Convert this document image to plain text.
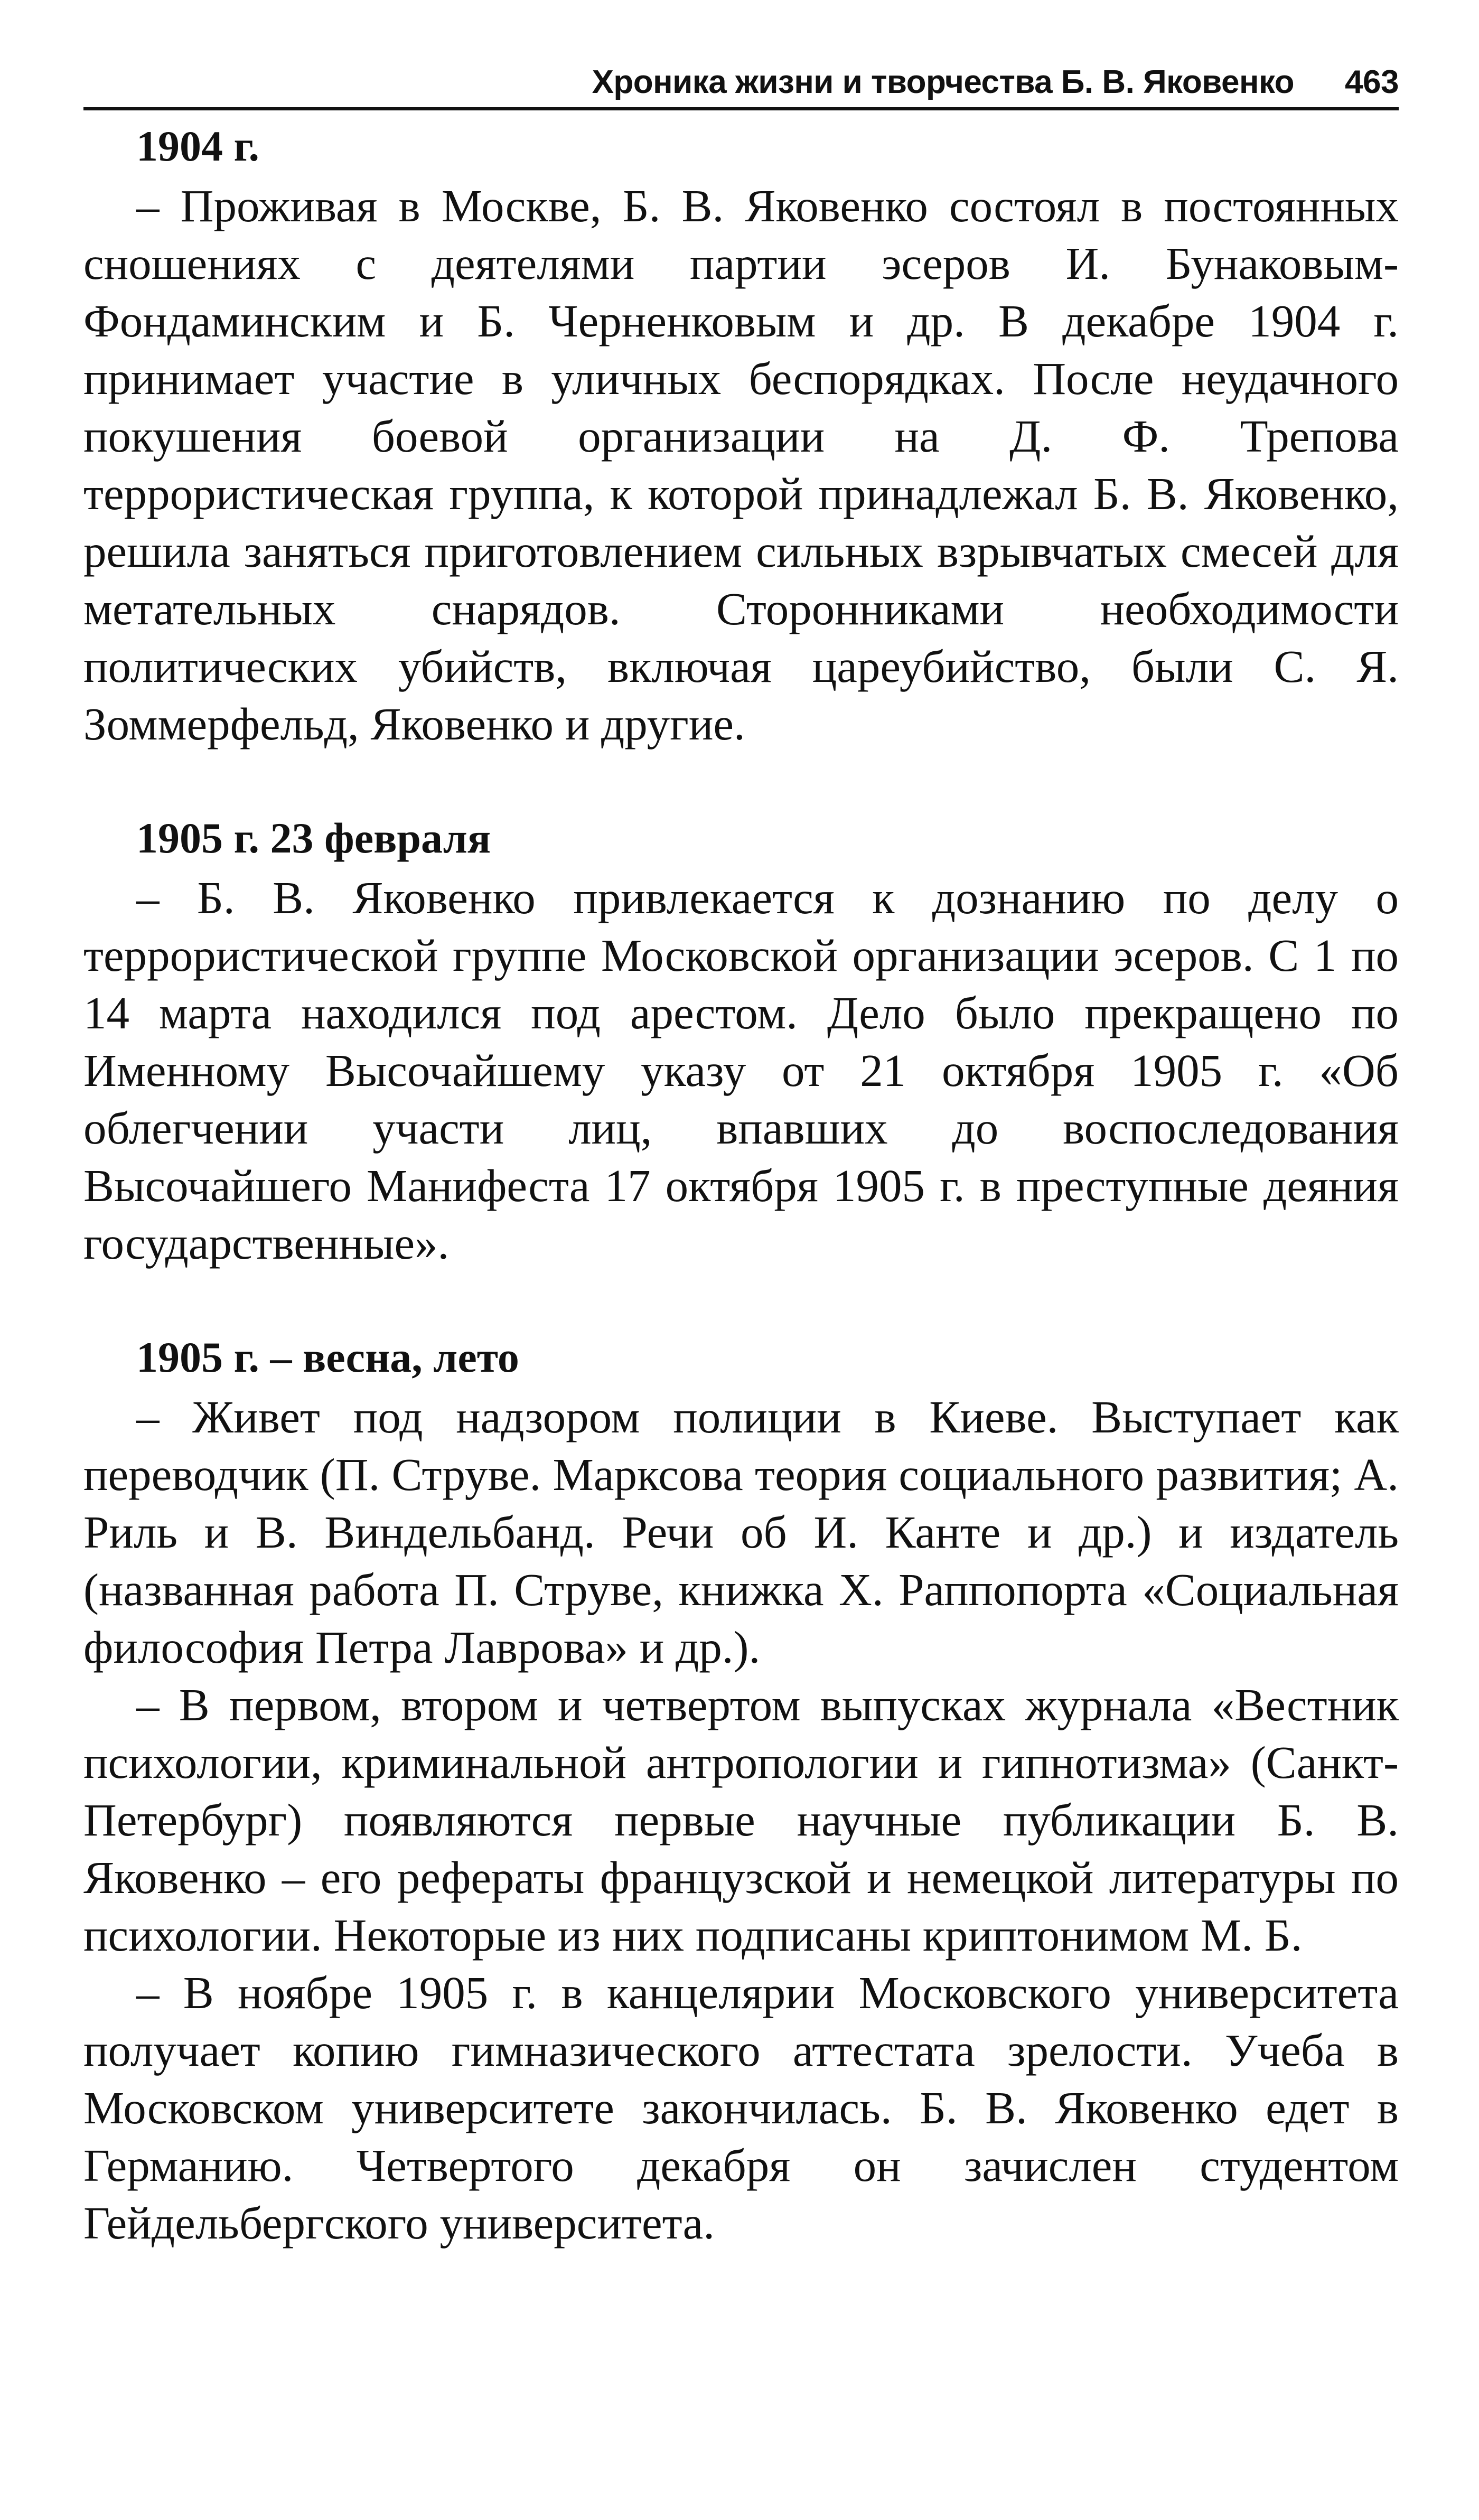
Хроника жизни и творчества Б. В. Яковенко 463
1904 г.

– Проживая в Москве, Б. В. Яковенко состоял в постоянных сношениях с деятелями партии эсеров И. Бунаковым-Фондаминским и Б. Черненковым и др. В декабре 1904 г. принимает участие в уличных беспорядках. После неудачного покушения боевой организации на Д. Ф. Трепова террористическая группа, к которой принадлежал Б. В. Яковенко, решила заняться приготовлением сильных взрывчатых смесей для метательных снарядов. Сторонниками необходимости политических убийств, включая цареубийство, были С. Я. Зоммерфельд, Яковенко и другие.

1905 г. 23 февраля

– Б. В. Яковенко привлекается к дознанию по делу о террористической группе Московской организации эсеров. С 1 по 14 марта находился под арестом. Дело было прекращено по Именному Высочайшему указу от 21 октября 1905 г. «Об облегчении участи лиц, впавших до воспоследования Высочайшего Манифеста 17 октября 1905 г. в преступные деяния государственные».

1905 г. – весна, лето

– Живет под надзором полиции в Киеве. Выступает как переводчик (П. Струве. Марксова теория социального развития; А. Риль и В. Виндельбанд. Речи об И. Канте и др.) и издатель (названная работа П. Струве, книжка Х. Раппопорта «Социальная философия Петра Лаврова» и др.).

– В первом, втором и четвертом выпусках журнала «Вестник психологии, криминальной антропологии и гипнотизма» (Санкт-Петербург) появляются первые научные публикации Б. В. Яковенко – его рефераты французской и немецкой литературы по психологии. Некоторые из них подписаны криптонимом М. Б.

– В ноябре 1905 г. в канцелярии Московского университета получает копию гимназического аттестата зрелости. Учеба в Московском университете закончилась. Б. В. Яковенко едет в Германию. Четвертого декабря он зачислен студентом Гейдельбергского университета.
